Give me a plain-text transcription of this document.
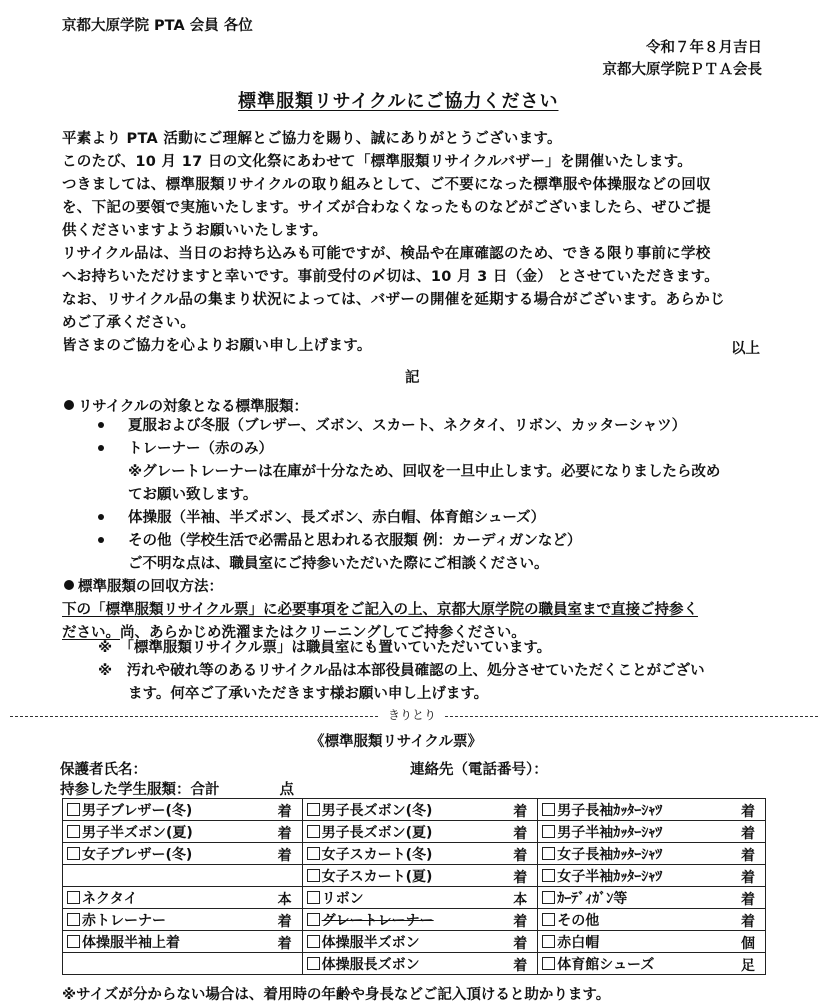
京都大原学院 PTA 会員 各位
令和７年８月吉日
京都大原学院ＰＴＡ会長
標準服類リサイクルにご協力ください
平素より PTA 活動にご理解とご協力を賜り、誠にありがとうございます。
このたび、10 月 17 日の文化祭にあわせて「標準服類リサイクルバザー」を開催いたします。
つきましては、標準服類リサイクルの取り組みとして、ご不要になった標準服や体操服などの回収
を、下記の要領で実施いたします。サイズが合わなくなったものなどがございましたら、ぜひご提
供くださいますようお願いいたします。
リサイクル品は、当日のお持ち込みも可能ですが、検品や在庫確認のため、できる限り事前に学校
へお持ちいただけますと幸いです。事前受付の〆切は、10 月 3 日（金） とさせていただきます。
なお、リサイクル品の集まり状況によっては、バザーの開催を延期する場合がございます。あらかじ
めご了承ください。
皆さまのご協力を心よりお願い申し上げます。	以上
記
リサイクルの対象となる標準服類：
夏服および冬服（ブレザー、ズボン、スカート、ネクタイ、リボン、カッターシャツ）
トレーナー（赤のみ）
※グレートレーナーは在庫が十分なため、回収を一旦中止します。必要になりましたら改め
てお願い致します。
体操服（半袖、半ズボン、長ズボン、赤白帽、体育館シューズ）
その他（学校生活で必需品と思われる衣服類 例：カーディガンなど）
ご不明な点は、職員室にご持参いただいた際にご相談ください。
標準服類の回収方法：
下の「標準服類リサイクル票」に必要事項をご記入の上、京都大原学院の職員室まで直接ご持参く
ださい。尚、あらかじめ洗濯またはクリーニングしてご持参ください。
※　「標準服類リサイクル票」は職員室にも置いていただいています。
※　汚れや破れ等のあるリサイクル品は本部役員確認の上、処分させていただくことがござい
ます。何卒ご了承いただきます様お願い申し上げます。
きりとり
《標準服類リサイクル票》
保護者氏名：	連絡先（電話番号）：
持参した学生服類：合計	点
男子ブレザー(冬) 着	男子長ズボン(冬) 着	男子長袖ｶｯﾀｰｼｬﾂ 着

男子半ズボン(夏) 着	男子長ズボン(夏) 着	男子半袖ｶｯﾀｰｼｬﾂ 着

女子ブレザー(冬) 着	女子スカート(冬) 着	女子長袖ｶｯﾀｰｼｬﾂ 着

	女子スカート(夏) 着	女子半袖ｶｯﾀｰｼｬﾂ 着

ネクタイ 本	リボン 本	ｶｰﾃﾞｨｶﾞﾝ等 着

赤トレーナー 着	グレートレーナー 着	その他 着

体操服半袖上着 着	体操服半ズボン 着	赤白帽 個

	体操服長ズボン 着	体育館シューズ 足
※サイズが分からない場合は、着用時の年齢や身長などご記入頂けると助かります。
